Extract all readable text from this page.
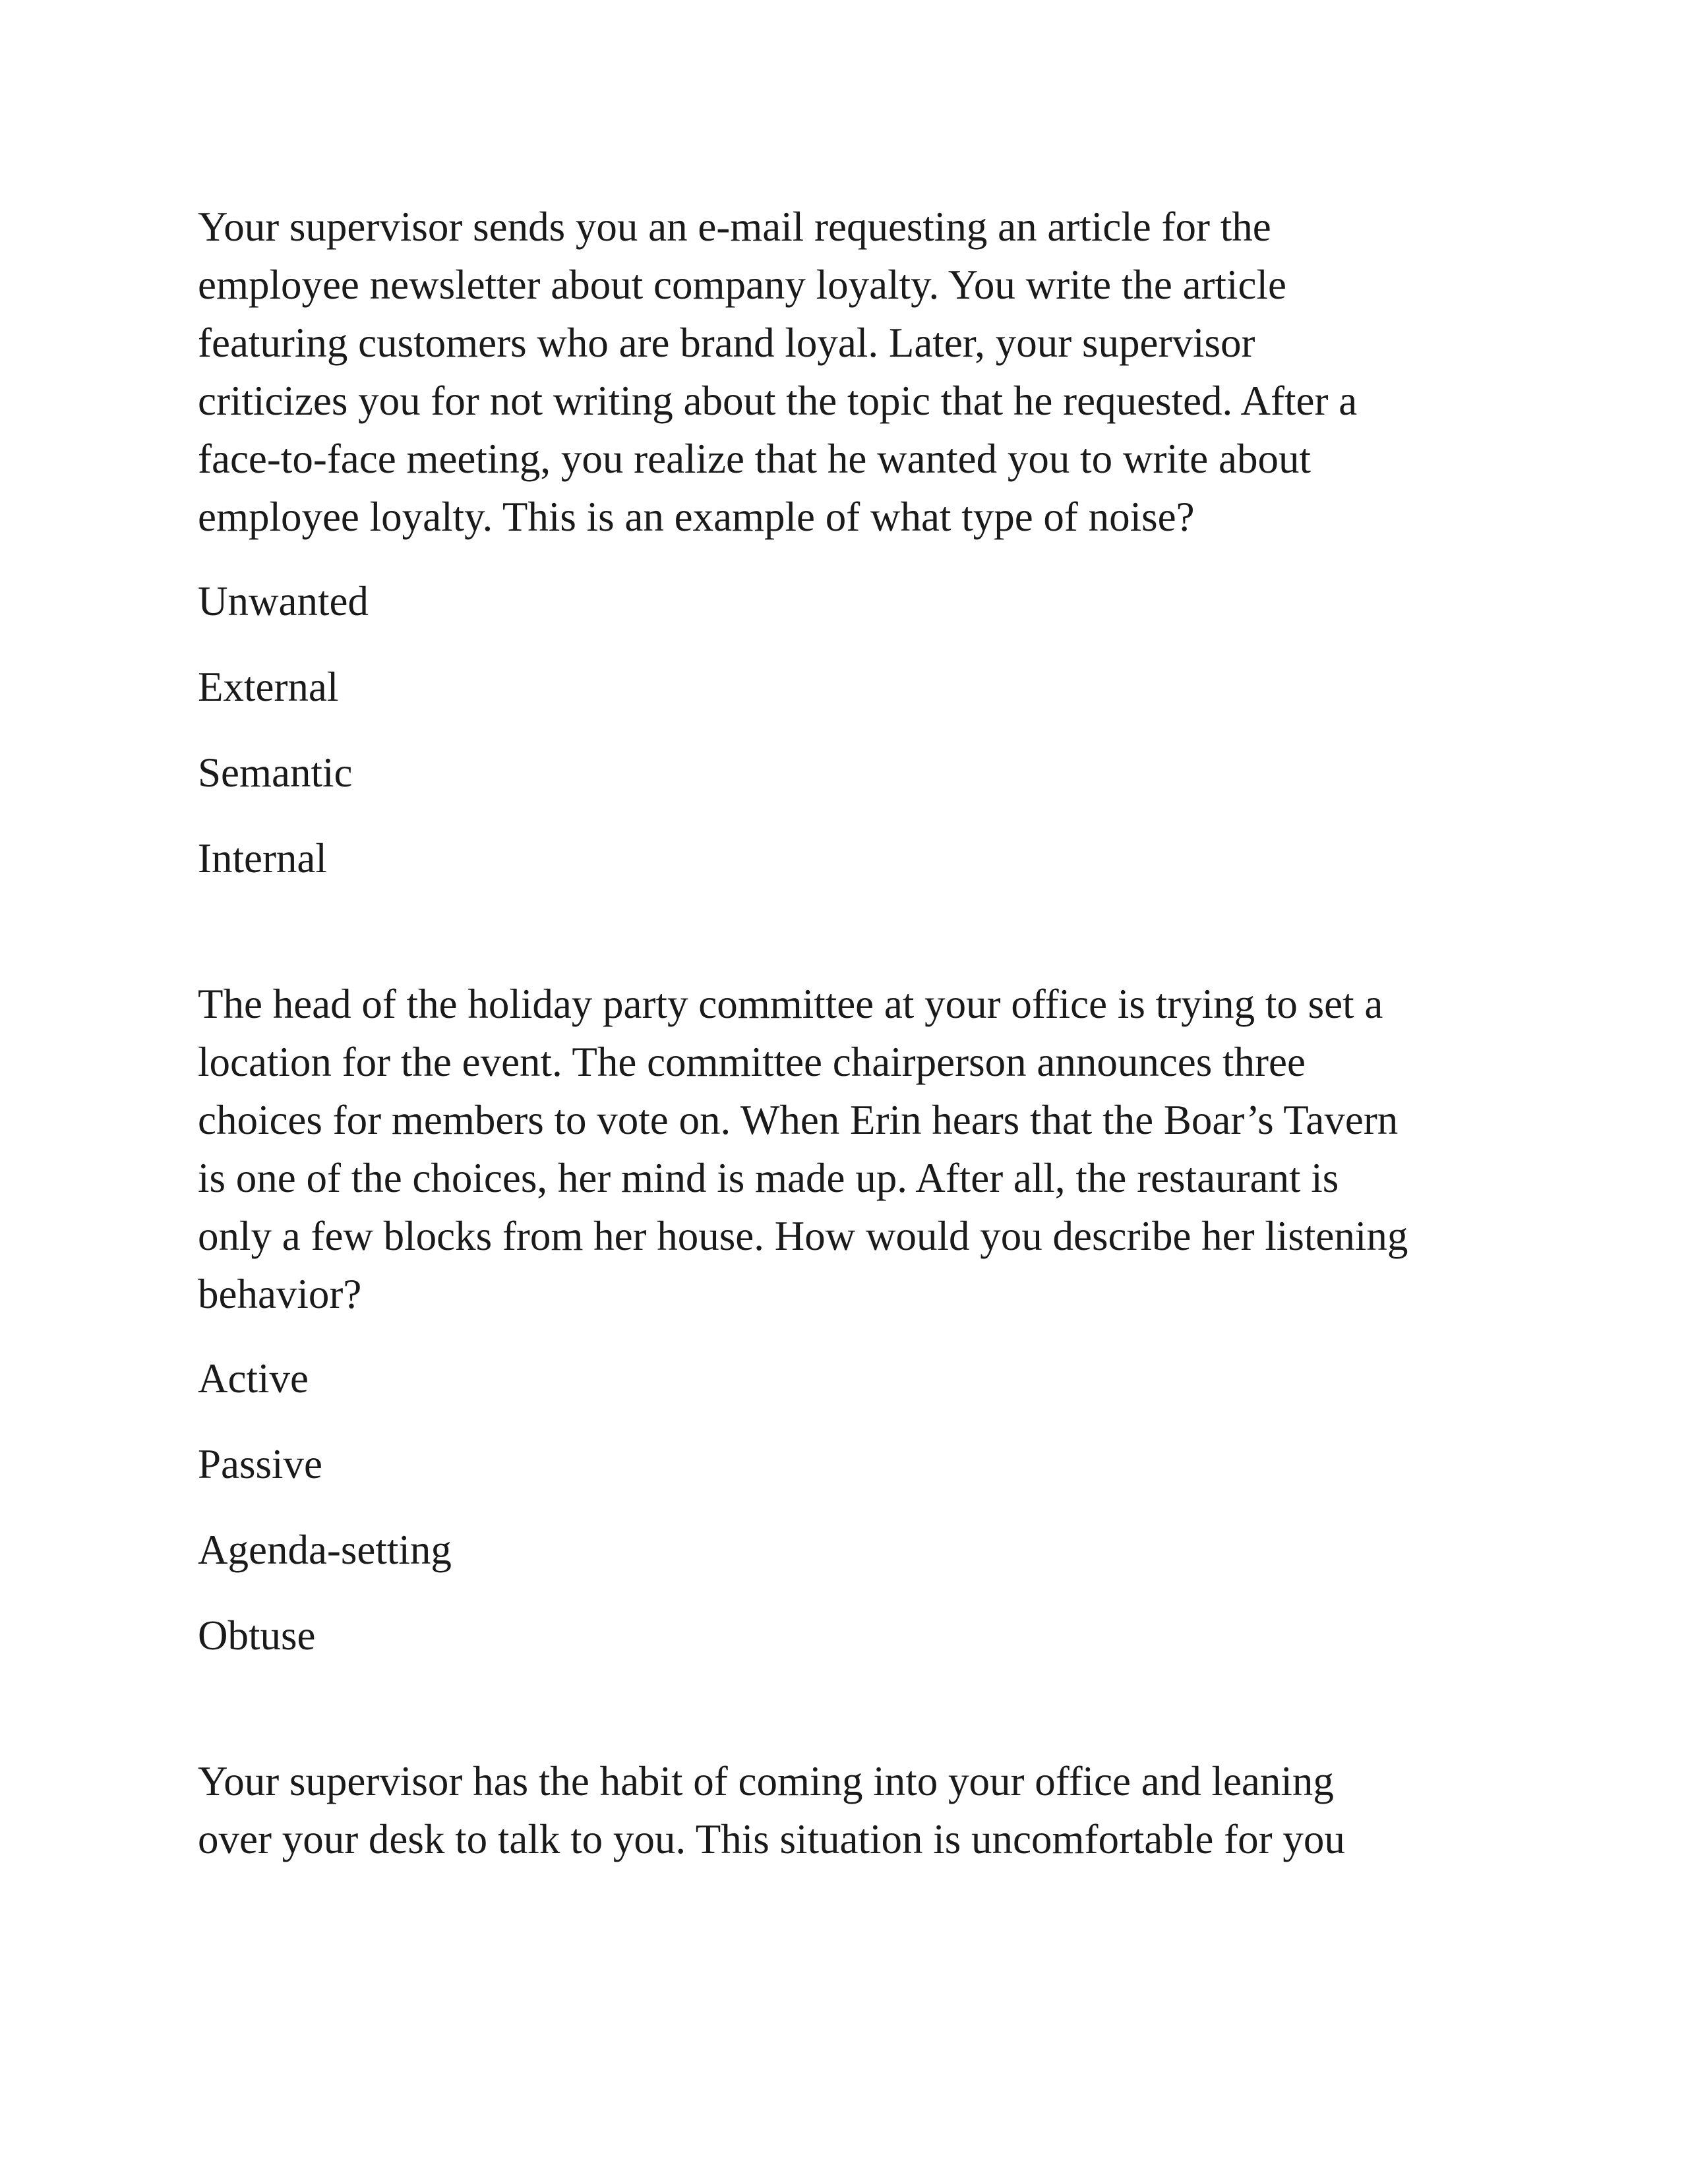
Your supervisor sends you an e-mail requesting an article for the
employee newsletter about company loyalty. You write the article
featuring customers who are brand loyal. Later, your supervisor
criticizes you for not writing about the topic that he requested. After a
face-to-face meeting, you realize that he wanted you to write about
employee loyalty. This is an example of what type of noise?

Unwanted
External
Semantic
Internal

The head of the holiday party committee at your office is trying to set a
location for the event. The committee chairperson announces three
choices for members to vote on. When Erin hears that the Boar’s Tavern
is one of the choices, her mind is made up. After all, the restaurant is
only a few blocks from her house. How would you describe her listening
behavior?

Active
Passive
Agenda-setting
Obtuse

Your supervisor has the habit of coming into your office and leaning
over your desk to talk to you. This situation is uncomfortable for you
